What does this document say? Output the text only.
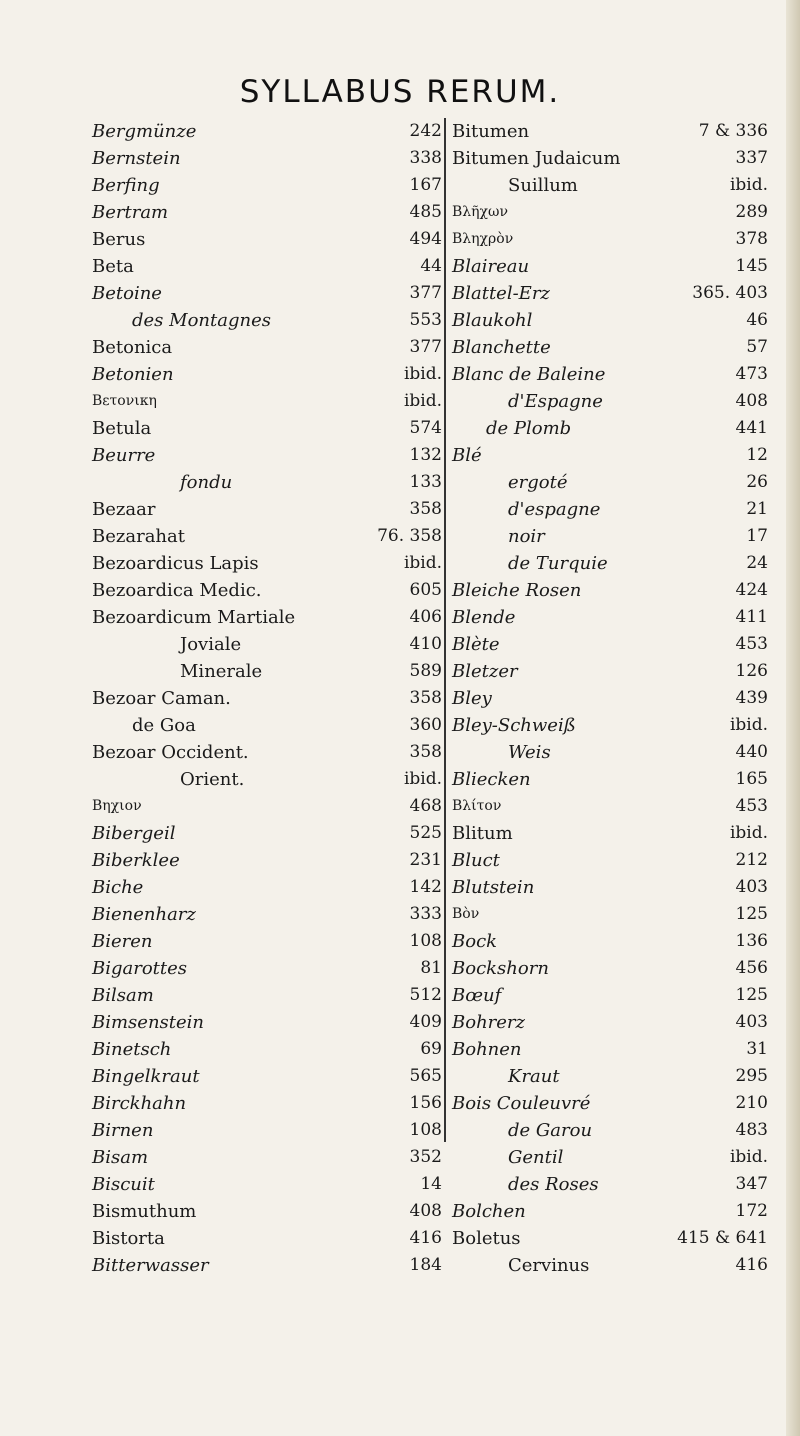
SYLLABUS RERUM.
Bergmünze	242
Bernstein	338
Berfing	167
Bertram	485
Berus	494
Beta	44
Betoine	377
des Montagnes	553
Betonica	377
Betonien	ibid.
Βετονικη	ibid.
Betula	574
Beurre	132
fondu	133
Bezaar	358
Bezarahat	76. 358
Bezoardicus Lapis	ibid.
Bezoardica Medic.	605
Bezoardicum Martiale	406
Joviale	410
Minerale	589
Bezoar Caman.	358
de Goa	360
Bezoar Occident.	358
Orient.	ibid.
Βηχιον	468
Bibergeil	525
Biberklee	231
Biche	142
Bienenharz	333
Bieren	108
Bigarottes	81
Bilsam	512
Bimsenstein	409
Binetsch	69
Bingelkraut	565
Birckhahn	156
Birnen	108
Bisam	352
Biscuit	14
Bismuthum	408
Bistorta	416
Bitterwasser	184
Bitumen	7 & 336
Bitumen Judaicum	337
Suillum	ibid.
Βλῆχων	289
Βληχρὸν	378
Blaireau	145
Blattel-Erz	365. 403
Blaukohl	46
Blanchette	57
Blanc de Baleine	473
d'Espagne	408
de Plomb	441
Blé	12
ergoté	26
d'espagne	21
noir	17
de Turquie	24
Bleiche Rosen	424
Blende	411
Blète	453
Bletzer	126
Bley	439
Bley-Schweiß	ibid.
Weis	440
Bliecken	165
Βλίτον	453
Blitum	ibid.
Bluct	212
Blutstein	403
Βὸν	125
Bock	136
Bockshorn	456
Bœuf	125
Bohrerz	403
Bohnen	31
Kraut	295
Bois Couleuvré	210
de Garou	483
Gentil	ibid.
des Roses	347
Bolchen	172
Boletus	415 & 641
Cervinus	416
